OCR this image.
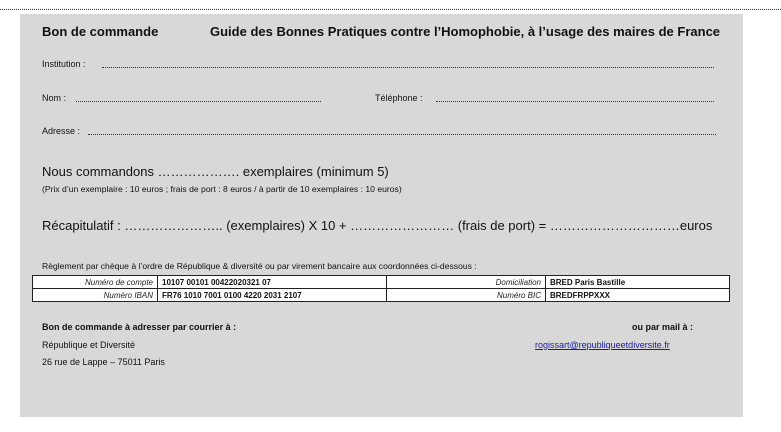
Bon de commande	Guide des Bonnes Pratiques contre l’Homophobie, à l’usage des maires de France
Institution :
Nom :	Téléphone :
Adresse :
Nous commandons ………………. exemplaires (minimum 5)
(Prix d’un exemplaire : 10 euros ; frais de port : 8 euros / à partir de 10 exemplaires : 10 euros)
Récapitulatif : ………………….. (exemplaires) X 10 + …………………… (frais de port) = …………………………euros
Règlement par chèque à l’ordre de République & diversité ou par virement bancaire aux coordonnées ci-dessous :
Numéro de compte	10107 00101 00422020321 07	Domiciliation	BRED Paris Bastille
Numéro IBAN	FR76 1010 7001 0100 4220 2031 2107	Numéro BIC	BREDFRPPXXX
Bon de commande à adresser par courrier à :	ou par mail à :
République et Diversité	rogissart@republiqueetdiversite.fr
26 rue de Lappe – 75011 Paris
